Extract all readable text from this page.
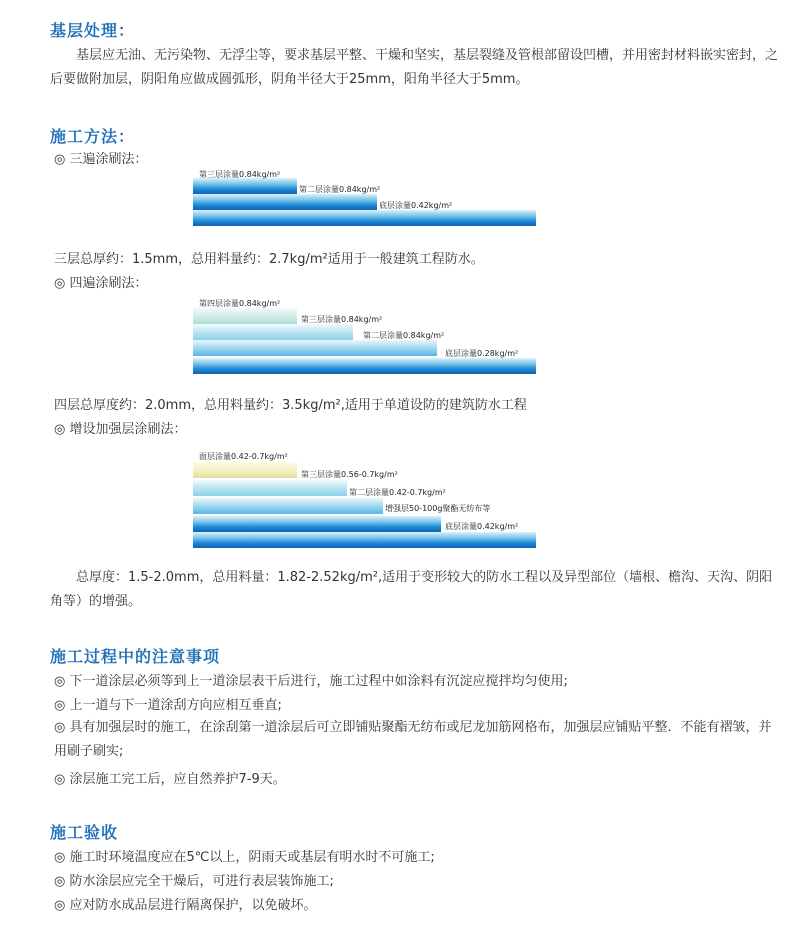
基层处理：
基层应无油、无污染物、无浮尘等，要求基层平整、干燥和坚实，基层裂缝及管根部留设凹槽，并用密封材料嵌实密封，之后要做附加层，阴阳角应做成圆弧形，阴角半径大于25mm，阳角半径大于5mm。
施工方法：
◎ 三遍涂刷法：
第三层涂量0.84kg/m²
第二层涂量0.84kg/m²
底层涂量0.42kg/m²
三层总厚约：1.5mm，总用料量约：2.7kg/m²适用于一般建筑工程防水。
◎ 四遍涂刷法：
第四层涂量0.84kg/m²
第三层涂量0.84kg/m²
第二层涂量0.84kg/m²
底层涂量0.28kg/m²
四层总厚度约：2.0mm，总用料量约：3.5kg/m²,适用于单道设防的建筑防水工程
◎ 增设加强层涂刷法：
面层涂量0.42-0.7kg/m²
第三层涂量0.56-0.7kg/m²
第二层涂量0.42-0.7kg/m²
增强层50-100g聚酯无纺布等
底层涂量0.42kg/m²
总厚度：1.5-2.0mm，总用料量：1.82-2.52kg/m²,适用于变形较大的防水工程以及异型部位（墙根、檐沟、天沟、阴阳角等）的增强。
施工过程中的注意事项
◎ 下一道涂层必须等到上一道涂层表干后进行，施工过程中如涂料有沉淀应搅拌均匀使用;
◎ 上一道与下一道涂刮方向应相互垂直;
◎ 具有加强层时的施工，在涂刮第一道涂层后可立即铺贴聚酯无纺布或尼龙加筋网格布，加强层应铺贴平整．不能有褶皱，并用刷子刷实;
◎ 涂层施工完工后，应自然养护7-9天。
施工验收
◎ 施工时环境温度应在5℃以上，阴雨天或基层有明水时不可施工;
◎ 防水涂层应完全干燥后，可进行表层装饰施工;
◎ 应对防水成品层进行隔离保护，以免破坏。
